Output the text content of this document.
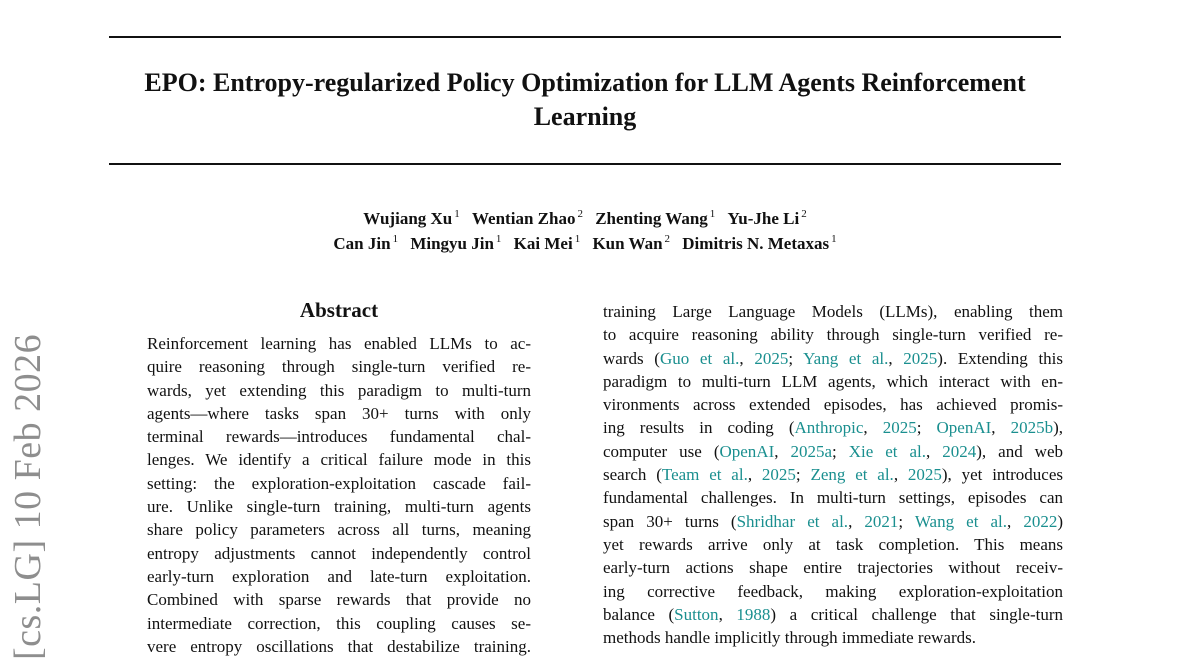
EPO: Entropy-regularized Policy Optimization for LLM Agents Reinforcement
Learning
Wujiang Xu $^1$ Wentian Zhao $^2$ Zhenting Wang $^1$ Yu-Jhe Li $^2$
Can Jin $^1$ Mingyu Jin $^1$ Kai Mei $^1$ Kun Wan $^2$ Dimitris N. Metaxas $^1$
[cs.LG] 10 Feb 2026
Abstract
Reinforcement learning has enabled LLMs to ac-
quire reasoning through single-turn verified re-
wards, yet extending this paradigm to multi-turn
agents—where tasks span 30+ turns with only
terminal rewards—introduces fundamental chal-
lenges. We identify a critical failure mode in this
setting: the exploration-exploitation cascade fail-
ure. Unlike single-turn training, multi-turn agents
share policy parameters across all turns, meaning
entropy adjustments cannot independently control
early-turn exploration and late-turn exploitation.
Combined with sparse rewards that provide no
intermediate correction, this coupling causes se-
vere entropy oscillations that destabilize training.
training Large Language Models (LLMs), enabling them
to acquire reasoning ability through single-turn verified re-
wards (Guo et al., 2025; Yang et al., 2025). Extending this
paradigm to multi-turn LLM agents, which interact with en-
vironments across extended episodes, has achieved promis-
ing results in coding (Anthropic, 2025; OpenAI, 2025b),
computer use (OpenAI, 2025a; Xie et al., 2024), and web
search (Team et al., 2025; Zeng et al., 2025), yet introduces
fundamental challenges. In multi-turn settings, episodes can
span 30+ turns (Shridhar et al., 2021; Wang et al., 2022)
yet rewards arrive only at task completion. This means
early-turn actions shape entire trajectories without receiv-
ing corrective feedback, making exploration-exploitation
balance (Sutton, 1988) a critical challenge that single-turn
methods handle implicitly through immediate rewards.
